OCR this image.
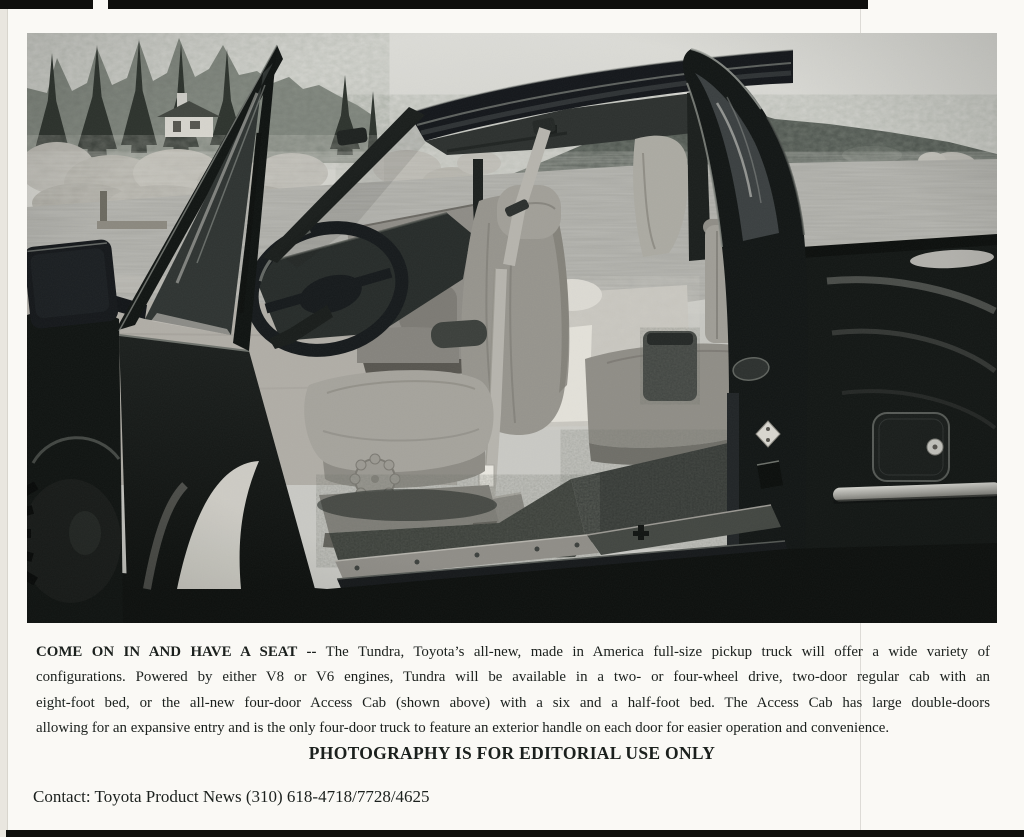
COME ON IN AND HAVE A SEAT -- The Tundra, Toyota’s all-new, made in America full-size pickup truck will offer a wide variety of
configurations. Powered by either V8 or V6 engines, Tundra will be available in a two- or four-wheel drive, two-door regular cab with an
eight-foot bed, or the all-new four-door Access Cab (shown above) with a six and a half-foot bed. The Access Cab has large double-doors
allowing for an expansive entry and is the only four-door truck to feature an exterior handle on each door for easier operation and convenience.
PHOTOGRAPHY IS FOR EDITORIAL USE ONLY
Contact: Toyota Product News (310) 618-4718/7728/4625
